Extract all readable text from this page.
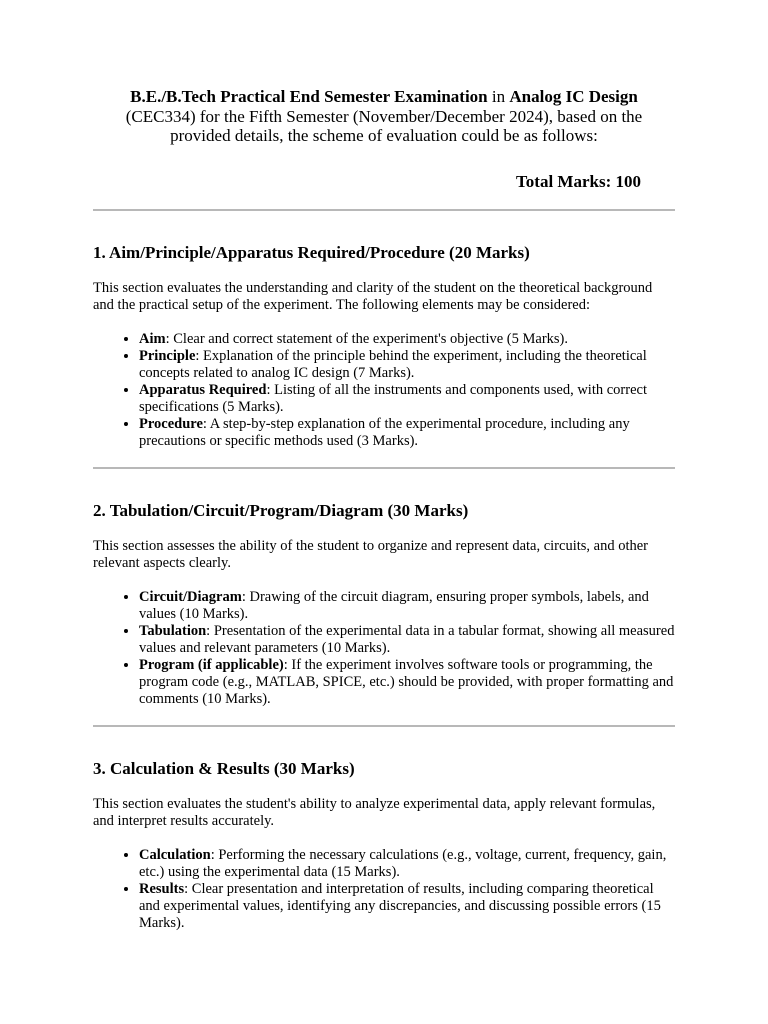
B.E./B.Tech Practical End Semester Examination in Analog IC Design (CEC334) for the Fifth Semester (November/December 2024), based on the provided details, the scheme of evaluation could be as follows:
Total Marks: 100
1. Aim/Principle/Apparatus Required/Procedure (20 Marks)

This section evaluates the understanding and clarity of the student on the theoretical background and the practical setup of the experiment. The following elements may be considered:

• Aim: Clear and correct statement of the experiment's objective (5 Marks).
• Principle: Explanation of the principle behind the experiment, including the theoretical concepts related to analog IC design (7 Marks).
• Apparatus Required: Listing of all the instruments and components used, with correct specifications (5 Marks).
• Procedure: A step-by-step explanation of the experimental procedure, including any precautions or specific methods used (3 Marks).
2. Tabulation/Circuit/Program/Diagram (30 Marks)

This section assesses the ability of the student to organize and represent data, circuits, and other relevant aspects clearly.

• Circuit/Diagram: Drawing of the circuit diagram, ensuring proper symbols, labels, and values (10 Marks).
• Tabulation: Presentation of the experimental data in a tabular format, showing all measured values and relevant parameters (10 Marks).
• Program (if applicable): If the experiment involves software tools or programming, the program code (e.g., MATLAB, SPICE, etc.) should be provided, with proper formatting and comments (10 Marks).
3. Calculation & Results (30 Marks)

This section evaluates the student's ability to analyze experimental data, apply relevant formulas, and interpret results accurately.

• Calculation: Performing the necessary calculations (e.g., voltage, current, frequency, gain, etc.) using the experimental data (15 Marks).
• Results: Clear presentation and interpretation of results, including comparing theoretical and experimental values, identifying any discrepancies, and discussing possible errors (15 Marks).
